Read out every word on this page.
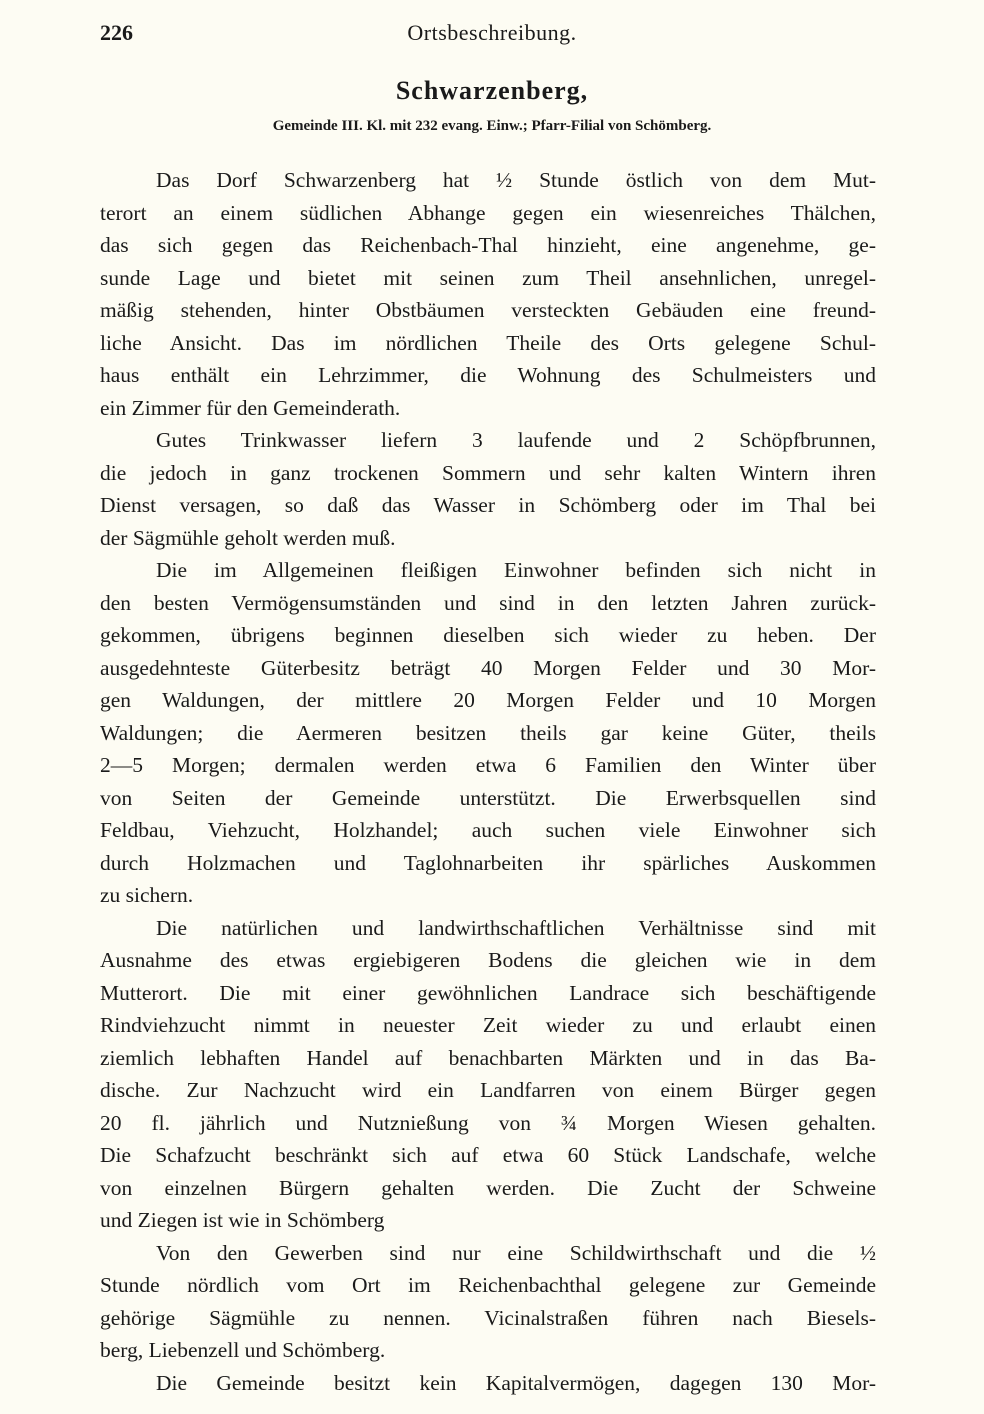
226	Ortsbeschreibung.
Schwarzenberg,
Gemeinde III. Kl. mit 232 evang. Einw.; Pfarr-Filial von Schömberg.
Das Dorf Schwarzenberg hat ½ Stunde östlich von dem Mut-
terort an einem südlichen Abhange gegen ein wiesenreiches Thälchen,
das sich gegen das Reichenbach-Thal hinzieht, eine angenehme, ge-
sunde Lage und bietet mit seinen zum Theil ansehnlichen, unregel-
mäßig stehenden, hinter Obstbäumen versteckten Gebäuden eine freund-
liche Ansicht. Das im nördlichen Theile des Orts gelegene Schul-
haus enthält ein Lehrzimmer, die Wohnung des Schulmeisters und
ein Zimmer für den Gemeinderath.
Gutes Trinkwasser liefern 3 laufende und 2 Schöpfbrunnen,
die jedoch in ganz trockenen Sommern und sehr kalten Wintern ihren
Dienst versagen, so daß das Wasser in Schömberg oder im Thal bei
der Sägmühle geholt werden muß.
Die im Allgemeinen fleißigen Einwohner befinden sich nicht in
den besten Vermögensumständen und sind in den letzten Jahren zurück-
gekommen, übrigens beginnen dieselben sich wieder zu heben. Der
ausgedehnteste Güterbesitz beträgt 40 Morgen Felder und 30 Mor-
gen Waldungen, der mittlere 20 Morgen Felder und 10 Morgen
Waldungen; die Aermeren besitzen theils gar keine Güter, theils
2—5 Morgen; dermalen werden etwa 6 Familien den Winter über
von Seiten der Gemeinde unterstützt. Die Erwerbsquellen sind
Feldbau, Viehzucht, Holzhandel; auch suchen viele Einwohner sich
durch Holzmachen und Taglohnarbeiten ihr spärliches Auskommen
zu sichern.
Die natürlichen und landwirthschaftlichen Verhältnisse sind mit
Ausnahme des etwas ergiebigeren Bodens die gleichen wie in dem
Mutterort. Die mit einer gewöhnlichen Landrace sich beschäftigende
Rindviehzucht nimmt in neuester Zeit wieder zu und erlaubt einen
ziemlich lebhaften Handel auf benachbarten Märkten und in das Ba-
dische. Zur Nachzucht wird ein Landfarren von einem Bürger gegen
20 fl. jährlich und Nutznießung von ¾ Morgen Wiesen gehalten.
Die Schafzucht beschränkt sich auf etwa 60 Stück Landschafe, welche
von einzelnen Bürgern gehalten werden. Die Zucht der Schweine
und Ziegen ist wie in Schömberg
Von den Gewerben sind nur eine Schildwirthschaft und die ½
Stunde nördlich vom Ort im Reichenbachthal gelegene zur Gemeinde
gehörige Sägmühle zu nennen. Vicinalstraßen führen nach Biesels-
berg, Liebenzell und Schömberg.
Die Gemeinde besitzt kein Kapitalvermögen, dagegen 130 Mor-
